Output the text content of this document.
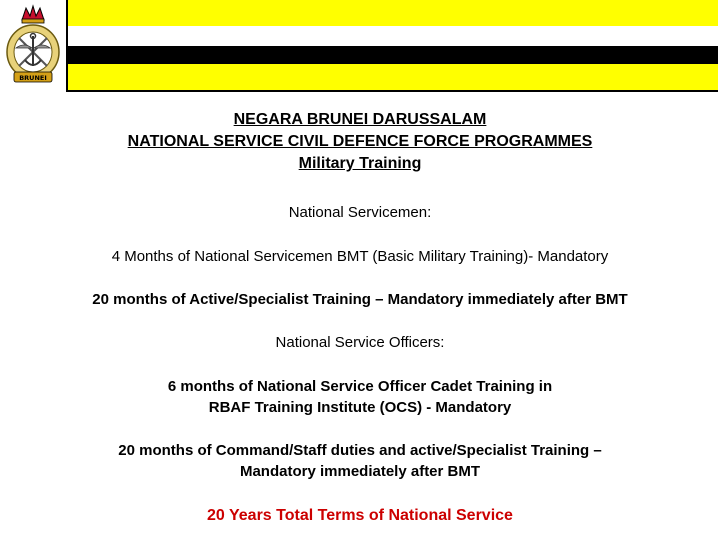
BRUNEI
NEGARA BRUNEI DARUSSALAM
NATIONAL SERVICE CIVIL DEFENCE FORCE PROGRAMMES
Military Training
National Servicemen:
4 Months of National Servicemen BMT (Basic Military Training)- Mandatory
20 months of Active/Specialist Training – Mandatory immediately after BMT
National Service Officers:
6 months of National Service Officer Cadet Training in
RBAF Training Institute (OCS) - Mandatory
20 months of Command/Staff duties and active/Specialist Training –
Mandatory immediately after BMT
20 Years Total Terms of National Service
